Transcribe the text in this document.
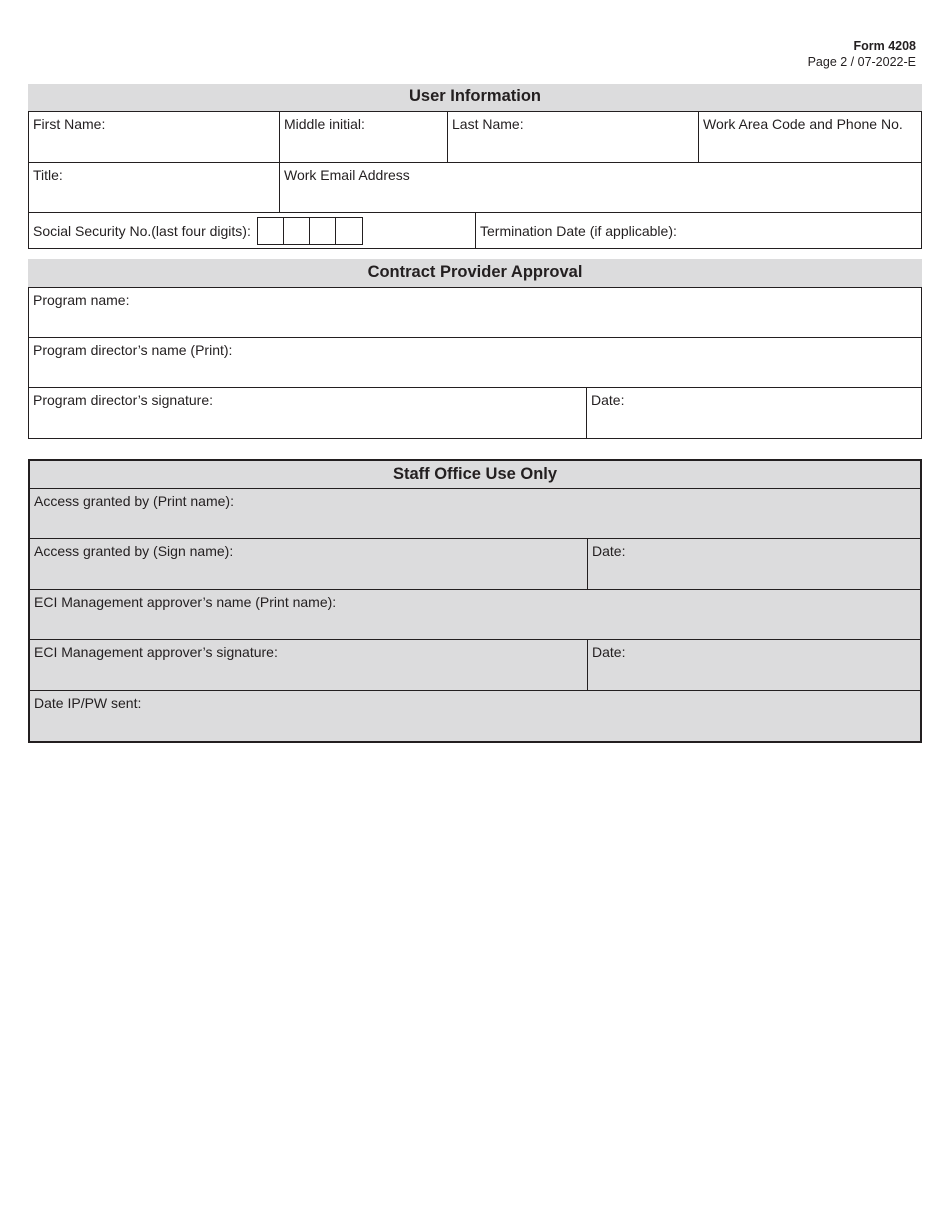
Form 4208
Page 2 / 07-2022-E
User Information
First Name:	Middle initial:	Last Name:	Work Area Code and Phone No.
Title:	Work Email Address
Social Security No.(last four digits):	Termination Date (if applicable):
Contract Provider Approval
Program name:
Program director’s name (Print):
Program director’s signature:	Date:
Staff Office Use Only
Access granted by (Print name):
Access granted by (Sign name):	Date:
ECI Management approver’s name (Print name):
ECI Management approver’s signature:	Date:
Date IP/PW sent:
